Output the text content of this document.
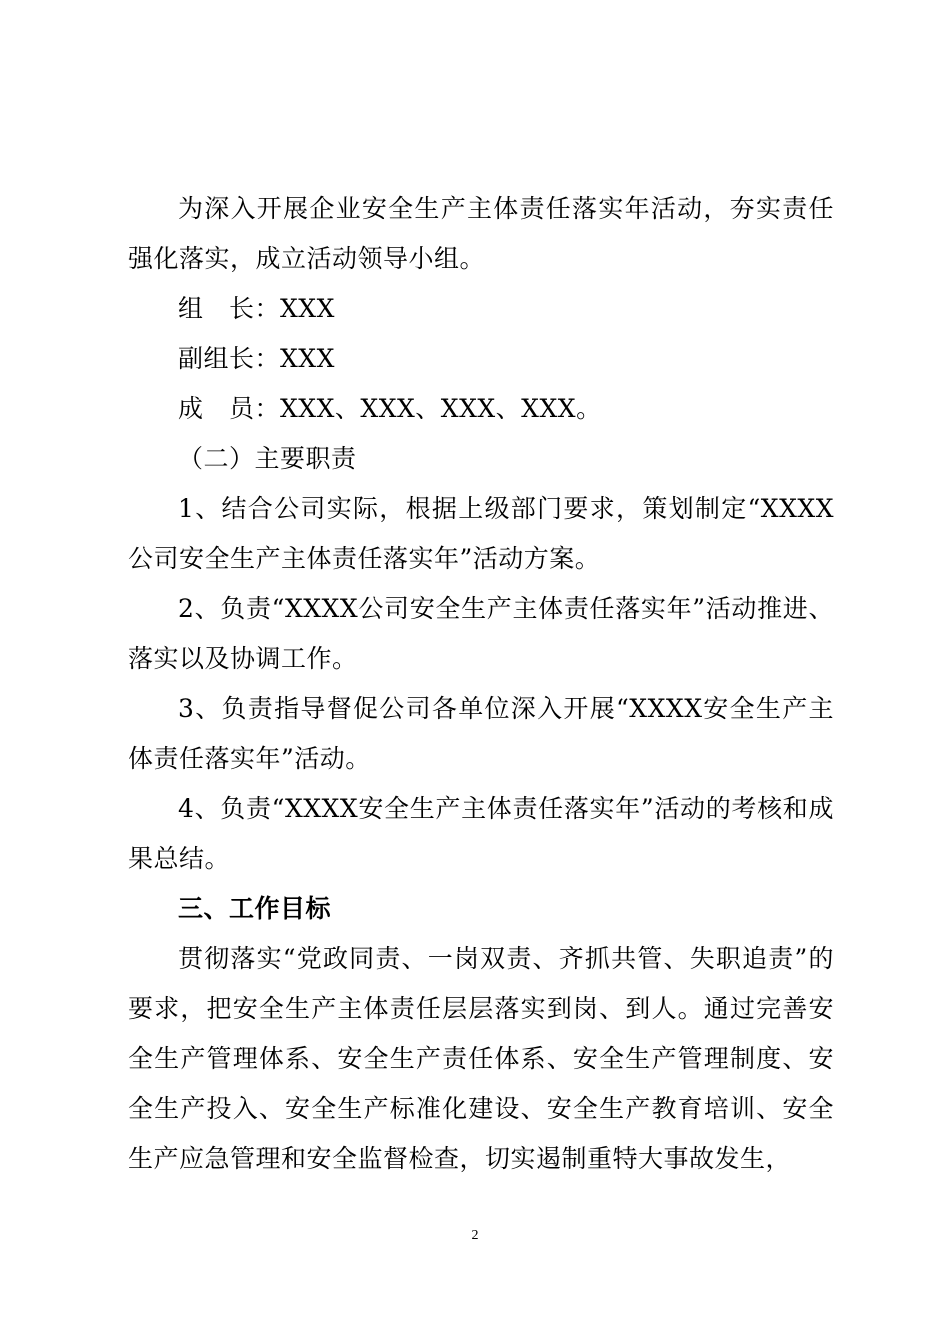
为深入开展企业安全生产主体责任落实年活动，夯实责任强化落实，成立活动领导小组。

组　长：XXX

副组长：XXX

成　员：XXX、XXX、XXX、XXX。

（二）主要职责

1、结合公司实际，根据上级部门要求，策划制定“XXXX公司安全生产主体责任落实年”活动方案。

2、负责“XXXX公司安全生产主体责任落实年”活动推进、落实以及协调工作。

3、负责指导督促公司各单位深入开展“XXXX安全生产主体责任落实年”活动。

4、负责“XXXX安全生产主体责任落实年”活动的考核和成果总结。

三、工作目标

贯彻落实“党政同责、一岗双责、齐抓共管、失职追责”的要求，把安全生产主体责任层层落实到岗、到人。通过完善安全生产管理体系、安全生产责任体系、安全生产管理制度、安全生产投入、安全生产标准化建设、安全生产教育培训、安全生产应急管理和安全监督检查，切实遏制重特大事故发生，

2
